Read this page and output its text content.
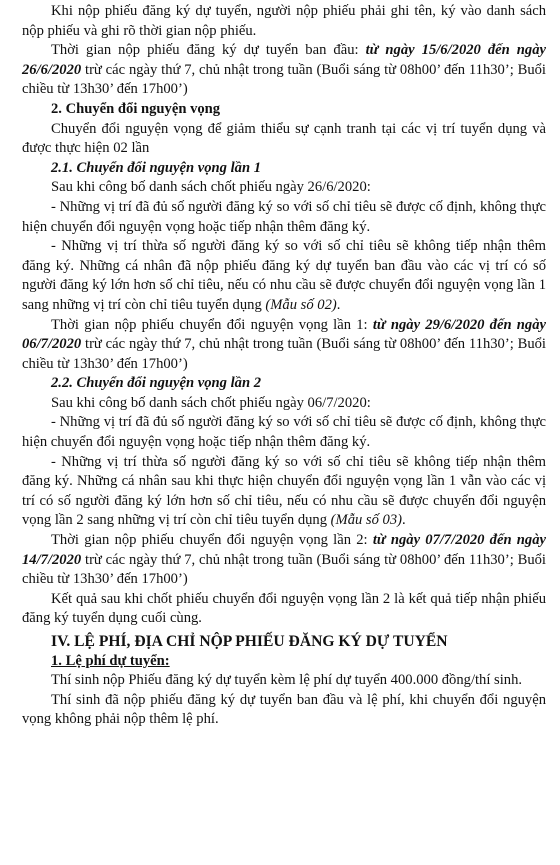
Khi nộp phiếu đăng ký dự tuyển, người nộp phiếu phải ghi tên, ký vào danh sách nộp phiếu và ghi rõ thời gian nộp phiếu.

Thời gian nộp phiếu đăng ký dự tuyển ban đầu: từ ngày 15/6/2020 đến ngày 26/6/2020 trừ các ngày thứ 7, chủ nhật trong tuần (Buổi sáng từ 08h00’ đến 11h30’; Buổi chiều từ 13h30’ đến 17h00’)

2. Chuyển đổi nguyện vọng

Chuyển đổi nguyện vọng để giảm thiểu sự cạnh tranh tại các vị trí tuyển dụng và được thực hiện 02 lần

2.1. Chuyển đổi nguyện vọng lần 1

Sau khi công bố danh sách chốt phiếu ngày 26/6/2020:

- Những vị trí đã đủ số người đăng ký so với số chỉ tiêu sẽ được cố định, không thực hiện chuyển đổi nguyện vọng hoặc tiếp nhận thêm đăng ký.

- Những vị trí thừa số người đăng ký so với số chỉ tiêu sẽ không tiếp nhận thêm đăng ký. Những cá nhân đã nộp phiếu đăng ký dự tuyển ban đầu vào các vị trí có số người đăng ký lớn hơn số chỉ tiêu, nếu có nhu cầu sẽ được chuyển đổi nguyện vọng lần 1 sang những vị trí còn chỉ tiêu tuyển dụng (Mẫu số 02).

Thời gian nộp phiếu chuyển đổi nguyện vọng lần 1: từ ngày 29/6/2020 đến ngày 06/7/2020 trừ các ngày thứ 7, chủ nhật trong tuần (Buổi sáng từ 08h00’ đến 11h30’; Buổi chiều từ 13h30’ đến 17h00’)

2.2. Chuyển đổi nguyện vọng lần 2

Sau khi công bố danh sách chốt phiếu ngày 06/7/2020:

- Những vị trí đã đủ số người đăng ký so với số chỉ tiêu sẽ được cố định, không thực hiện chuyển đổi nguyện vọng hoặc tiếp nhận thêm đăng ký.

- Những vị trí thừa số người đăng ký so với số chỉ tiêu sẽ không tiếp nhận thêm đăng ký. Những cá nhân sau khi thực hiện chuyển đổi nguyện vọng lần 1 vẫn vào các vị trí có số người đăng ký lớn hơn số chỉ tiêu, nếu có nhu cầu sẽ được chuyển đổi nguyện vọng lần 2 sang những vị trí còn chỉ tiêu tuyển dụng (Mẫu số 03).

Thời gian nộp phiếu chuyển đổi nguyện vọng lần 2: từ ngày 07/7/2020 đến ngày 14/7/2020 trừ các ngày thứ 7, chủ nhật trong tuần (Buổi sáng từ 08h00’ đến 11h30’; Buổi chiều từ 13h30’ đến 17h00’)

Kết quả sau khi chốt phiếu chuyển đổi nguyện vọng lần 2 là kết quả tiếp nhận phiếu đăng ký tuyển dụng cuối cùng.

IV. LỆ PHÍ, ĐỊA CHỈ NỘP PHIẾU ĐĂNG KÝ DỰ TUYỂN

1. Lệ phí dự tuyển:

Thí sinh nộp Phiếu đăng ký dự tuyển kèm lệ phí dự tuyển 400.000 đồng/thí sinh.

Thí sinh đã nộp phiếu đăng ký dự tuyển ban đầu và lệ phí, khi chuyển đổi nguyện vọng không phải nộp thêm lệ phí.
